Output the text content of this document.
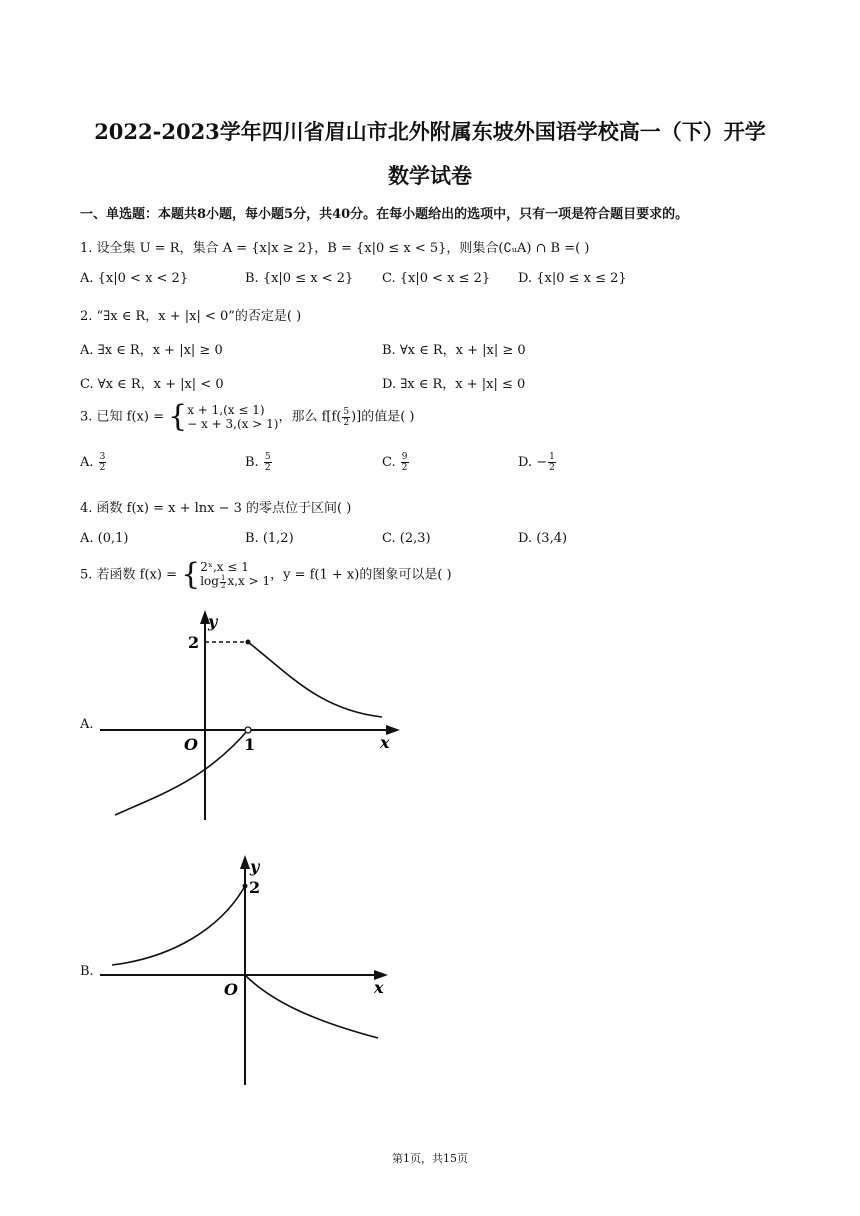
2022-2023学年四川省眉山市北外附属东坡外国语学校高一（下）开学
数学试卷
一、单选题：本题共8小题，每小题5分，共40分。在每小题给出的选项中，只有一项是符合题目要求的。
1. 设全集 U = R，集合 A = {x|x ≥ 2}，B = {x|0 ≤ x < 5}，则集合(∁ᵤA) ∩ B =( )
A. {x|0 < x < 2}	B. {x|0 ≤ x < 2} C. {x|0 < x ≤ 2} D. {x|0 ≤ x ≤ 2}
2. “∃x ∈ R，x + |x| < 0”的否定是( )
A. ∃x ∈ R，x + |x| ≥ 0	B. ∀x ∈ R，x + |x| ≥ 0
C. ∀x ∈ R，x + |x| < 0	D. ∃x ∈ R，x + |x| ≤ 0
3. 已知 f(x) = { x + 1,(x ≤ 1)
− x + 3,(x > 1) ，那么 $f[f( \frac{5}{2}$ )]的值是( )
A. $\frac{3}{2}$	B. $\frac{5}{2}$	C. $\frac{9}{2}$	D. − $\frac{1}{2}$
4. 函数 f(x) = x + lnx − 3 的零点位于区间( )
A. (0,1)	B. (1,2)	C. (2,3)	D. (3,4)
5. 若函数 f(x) = { 2ˣ,x ≤ 1
$\log \frac{1}{2} x,x > 1$ ，y = f(1 + x)的图象可以是( )
A.
B.
y
x
O
2
1
y
x
O
2
第1页，共15页
